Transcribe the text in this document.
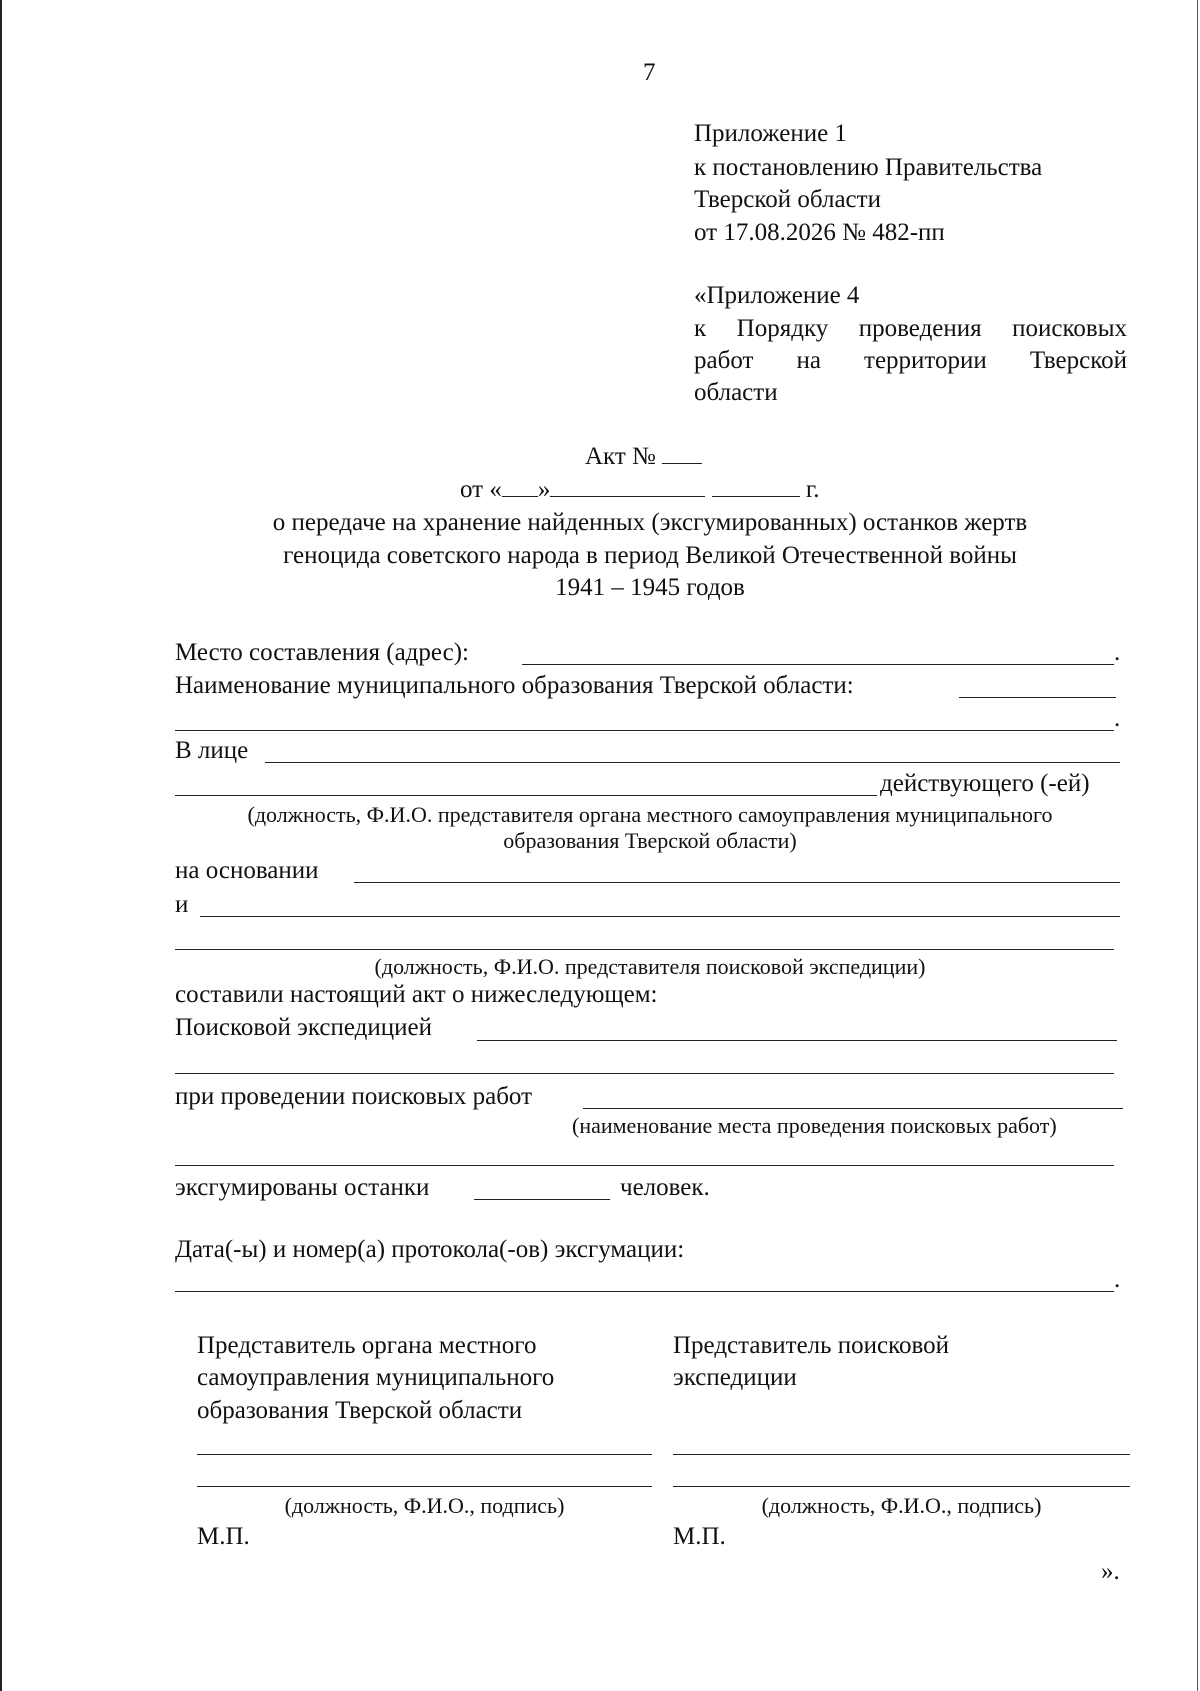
7
Приложение 1
к постановлению Правительства
Тверской области
от 17.08.2026 № 482-пп
«Приложение 4
к Порядку проведения поисковых
работ на территории Тверской
области
Акт №
от « »	г.
о передаче на хранение найденных (эксгумированных) останков жертв
геноцида советского народа в период Великой Отечественной войны
1941 – 1945 годов
Место составления (адрес):	.
Наименование муниципального образования Тверской области:
.
В лице
действующего (-ей)
(должность, Ф.И.О. представителя органа местного самоуправления муниципального
образования Тверской области)
на основании
и
(должность, Ф.И.О. представителя поисковой экспедиции)
составили настоящий акт о нижеследующем:
Поисковой экспедицией
при проведении поисковых работ
(наименование места проведения поисковых работ)
эксгумированы останки	человек.
Дата(-ы) и номер(а) протокола(-ов) эксгумации:
.
Представитель органа местного
самоуправления муниципального
образования Тверской области
(должность, Ф.И.О., подпись)
М.П.
Представитель поисковой
экспедиции
(должность, Ф.И.О., подпись)
М.П.
».
